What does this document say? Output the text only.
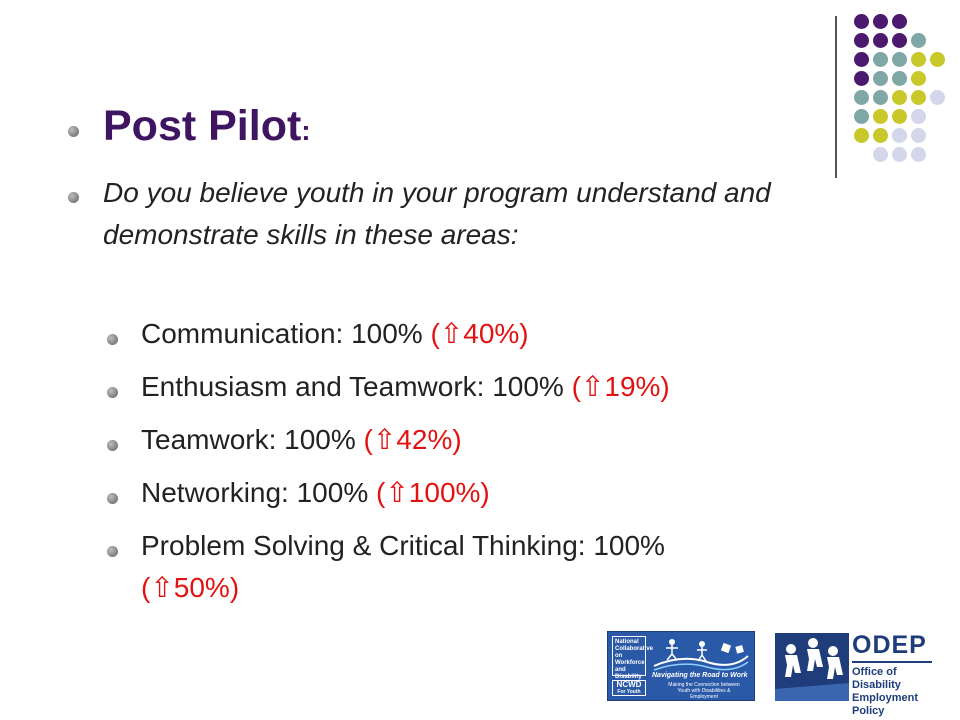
Post Pilot:
Do you believe youth in your program understand and demonstrate skills in these areas:
Communication: 100% (⇧40%)
Enthusiasm and Teamwork: 100% (⇧19%)
Teamwork: 100% (⇧42%)
Networking: 100% (⇧100%)
Problem Solving & Critical Thinking: 100%
(⇧50%)
National Collaborative on Workforce and Disability
NCWD
For Youth
Navigating the Road to Work
Making the Connection between Youth with Disabilities & Employment
ODEP
Office of Disability Employment Policy
